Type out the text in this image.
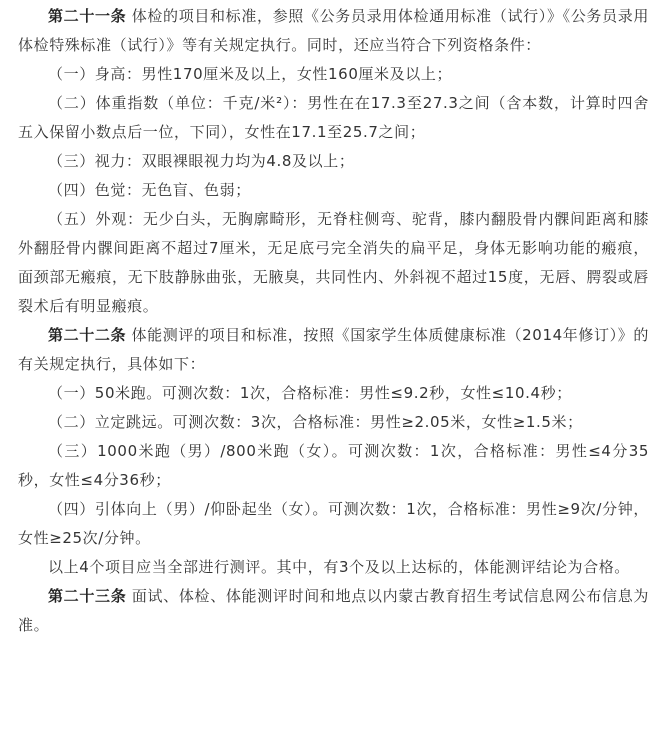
第二十一条 体检的项目和标准，参照《公务员录用体检通用标准（试行）》《公务员录用体检特殊标准（试行）》等有关规定执行。同时，还应当符合下列资格条件：

（一）身高：男性170厘米及以上，女性160厘米及以上；

（二）体重指数（单位：千克/米²）：男性在在17.3至27.3之间（含本数，计算时四舍五入保留小数点后一位，下同），女性在17.1至25.7之间；

（三）视力：双眼裸眼视力均为4.8及以上；

（四）色觉：无色盲、色弱；

（五）外观：无少白头，无胸廓畸形，无脊柱侧弯、驼背，膝内翻股骨内髁间距离和膝外翻胫骨内髁间距离不超过7厘米，无足底弓完全消失的扁平足，身体无影响功能的瘢痕，面颈部无瘢痕，无下肢静脉曲张，无腋臭，共同性内、外斜视不超过15度，无唇、腭裂或唇裂术后有明显瘢痕。

第二十二条 体能测评的项目和标准，按照《国家学生体质健康标准（2014年修订）》的有关规定执行，具体如下：

（一）50米跑。可测次数：1次，合格标准：男性≤9.2秒，女性≤10.4秒；

（二）立定跳远。可测次数：3次，合格标准：男性≥2.05米，女性≥1.5米；

（三）1000米跑（男）/800米跑（女）。可测次数：1次，合格标准：男性≤4分35秒，女性≤4分36秒；

（四）引体向上（男）/仰卧起坐（女）。可测次数：1次，合格标准：男性≥9次/分钟，女性≥25次/分钟。

以上4个项目应当全部进行测评。其中，有3个及以上达标的，体能测评结论为合格。

第二十三条 面试、体检、体能测评时间和地点以内蒙古教育招生考试信息网公布信息为准。
